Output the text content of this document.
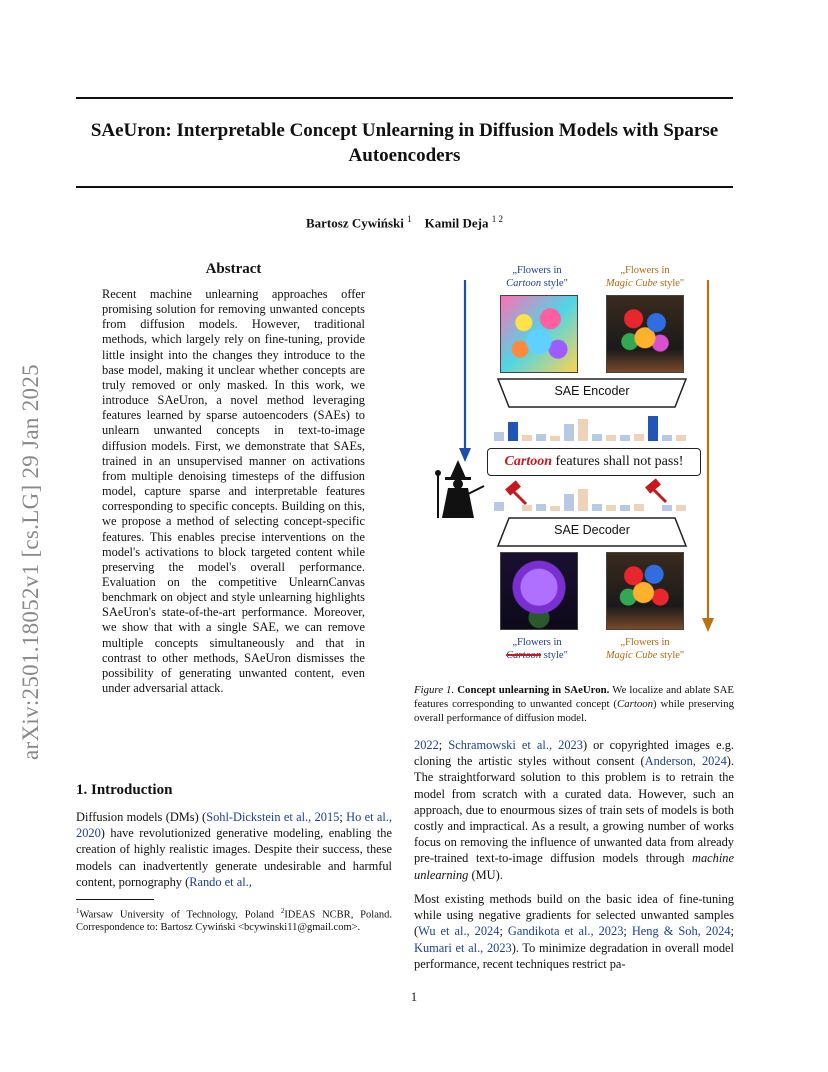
SAeUron: Interpretable Concept Unlearning in Diffusion Models with Sparse Autoencoders
Bartosz Cywiński $^1$ Kamil Deja $^{1 2}$
arXiv:2501.18052v1 [cs.LG] 29 Jan 2025
Abstract
Recent machine unlearning approaches offer promising solution for removing unwanted concepts from diffusion models. However, traditional methods, which largely rely on fine-tuning, provide little insight into the changes they introduce to the base model, making it unclear whether concepts are truly removed or only masked. In this work, we introduce SAeUron, a novel method leveraging features learned by sparse autoencoders (SAEs) to unlearn unwanted concepts in text-to-image diffusion models. First, we demonstrate that SAEs, trained in an unsupervised manner on activations from multiple denoising timesteps of the diffusion model, capture sparse and interpretable features corresponding to specific concepts. Building on this, we propose a method of selecting concept-specific features. This enables precise interventions on the model's activations to block targeted content while preserving the model's overall performance. Evaluation on the competitive UnlearnCanvas benchmark on object and style unlearning highlights SAeUron's state-of-the-art performance. Moreover, we show that with a single SAE, we can remove multiple concepts simultaneously and that in contrast to other methods, SAeUron dismisses the possibility of generating unwanted content, even under adversarial attack.
1. Introduction
Diffusion models (DMs) (Sohl-Dickstein et al., 2015; Ho et al., 2020) have revolutionized generative modeling, enabling the creation of highly realistic images. Despite their success, these models can inadvertently generate undesirable and harmful content, pornography (Rando et al.,
$^1$Warsaw University of Technology, Poland $^2$IDEAS NCBR, Poland. Correspondence to: Bartosz Cywiński <bcywinski11@gmail.com>.
1
„Flowers in
Cartoon style"
„Flowers in
Magic Cube style"
SAE Encoder
Cartoon features shall not pass!
SAE Decoder
„Flowers in
Cartoon style"
„Flowers in
Magic Cube style"
Figure 1. Concept unlearning in SAeUron. We localize and ablate SAE features corresponding to unwanted concept (Cartoon) while preserving overall performance of diffusion model.
2022; Schramowski et al., 2023) or copyrighted images e.g. cloning the artistic styles without consent (Anderson, 2024). The straightforward solution to this problem is to retrain the model from scratch with a curated data. However, such an approach, due to enourmous sizes of train sets of models is both costly and impractical. As a result, a growing number of works focus on removing the influence of unwanted data from already pre-trained text-to-image diffusion models through machine unlearning (MU).
Most existing methods build on the basic idea of fine-tuning while using negative gradients for selected unwanted samples (Wu et al., 2024; Gandikota et al., 2023; Heng & Soh, 2024; Kumari et al., 2023). To minimize degradation in overall model performance, recent techniques restrict pa-
